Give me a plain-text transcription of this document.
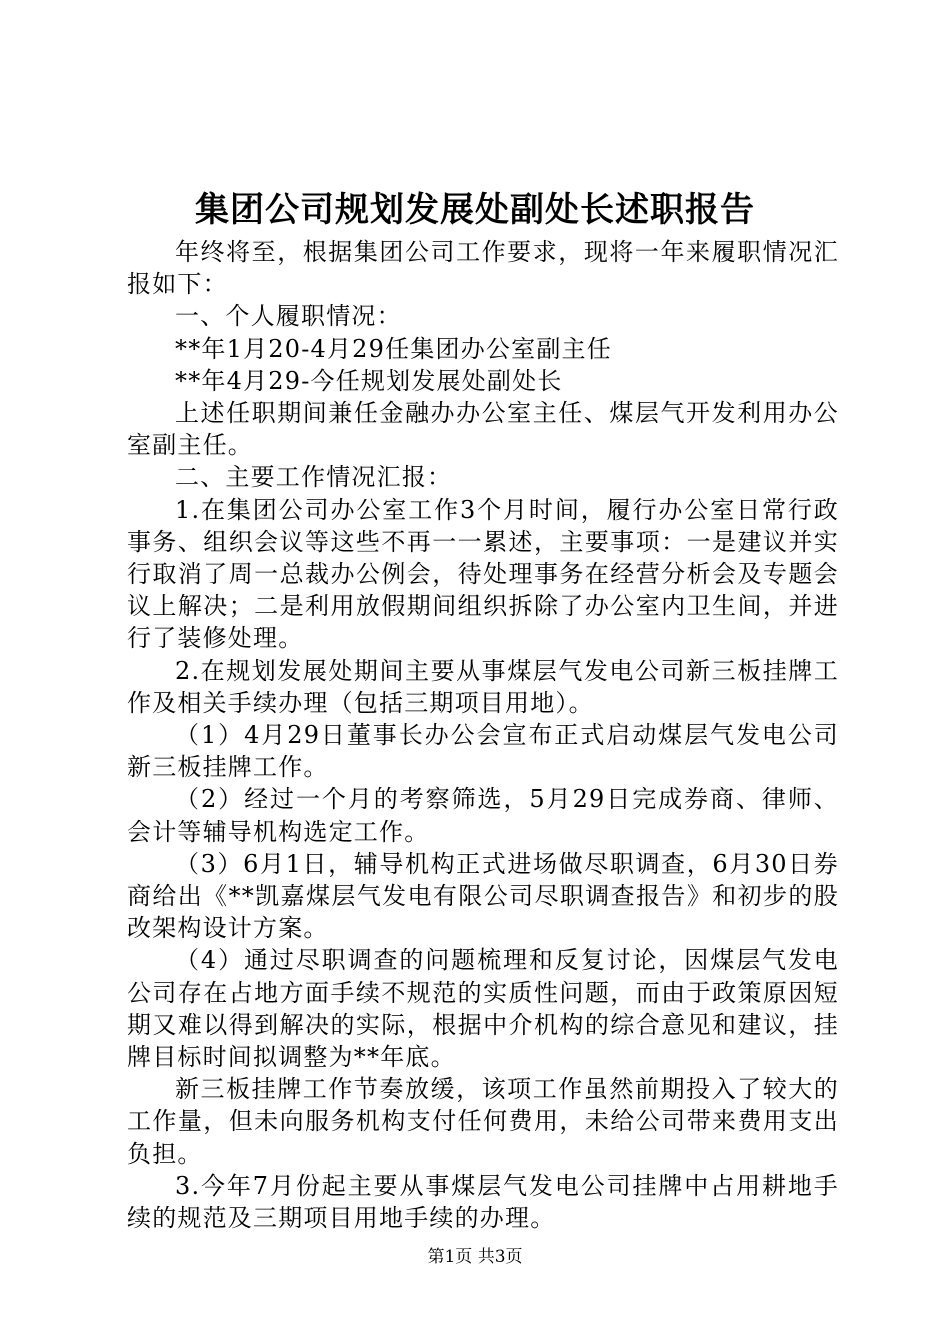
集团公司规划发展处副处长述职报告

年终将至，根据集团公司工作要求，现将一年来履职情况汇报如下：

一、个人履职情况：

**年1月20-4月29任集团办公室副主任

**年4月29-今任规划发展处副处长

上述任职期间兼任金融办办公室主任、煤层气开发利用办公室副主任。

二、主要工作情况汇报：

1.在集团公司办公室工作3个月时间，履行办公室日常行政事务、组织会议等这些不再一一累述，主要事项：一是建议并实行取消了周一总裁办公例会，待处理事务在经营分析会及专题会议上解决；二是利用放假期间组织拆除了办公室内卫生间，并进行了装修处理。

2.在规划发展处期间主要从事煤层气发电公司新三板挂牌工作及相关手续办理（包括三期项目用地）。

（1）4月29日董事长办公会宣布正式启动煤层气发电公司新三板挂牌工作。

（2）经过一个月的考察筛选，5月29日完成券商、律师、会计等辅导机构选定工作。

（3）6月1日，辅导机构正式进场做尽职调查，6月30日券商给出《**凯嘉煤层气发电有限公司尽职调查报告》和初步的股改架构设计方案。

（4）通过尽职调查的问题梳理和反复讨论，因煤层气发电公司存在占地方面手续不规范的实质性问题，而由于政策原因短期又难以得到解决的实际，根据中介机构的综合意见和建议，挂牌目标时间拟调整为**年底。

新三板挂牌工作节奏放缓，该项工作虽然前期投入了较大的工作量，但未向服务机构支付任何费用，未给公司带来费用支出负担。

3.今年7月份起主要从事煤层气发电公司挂牌中占用耕地手续的规范及三期项目用地手续的办理。

第1页 共3页
